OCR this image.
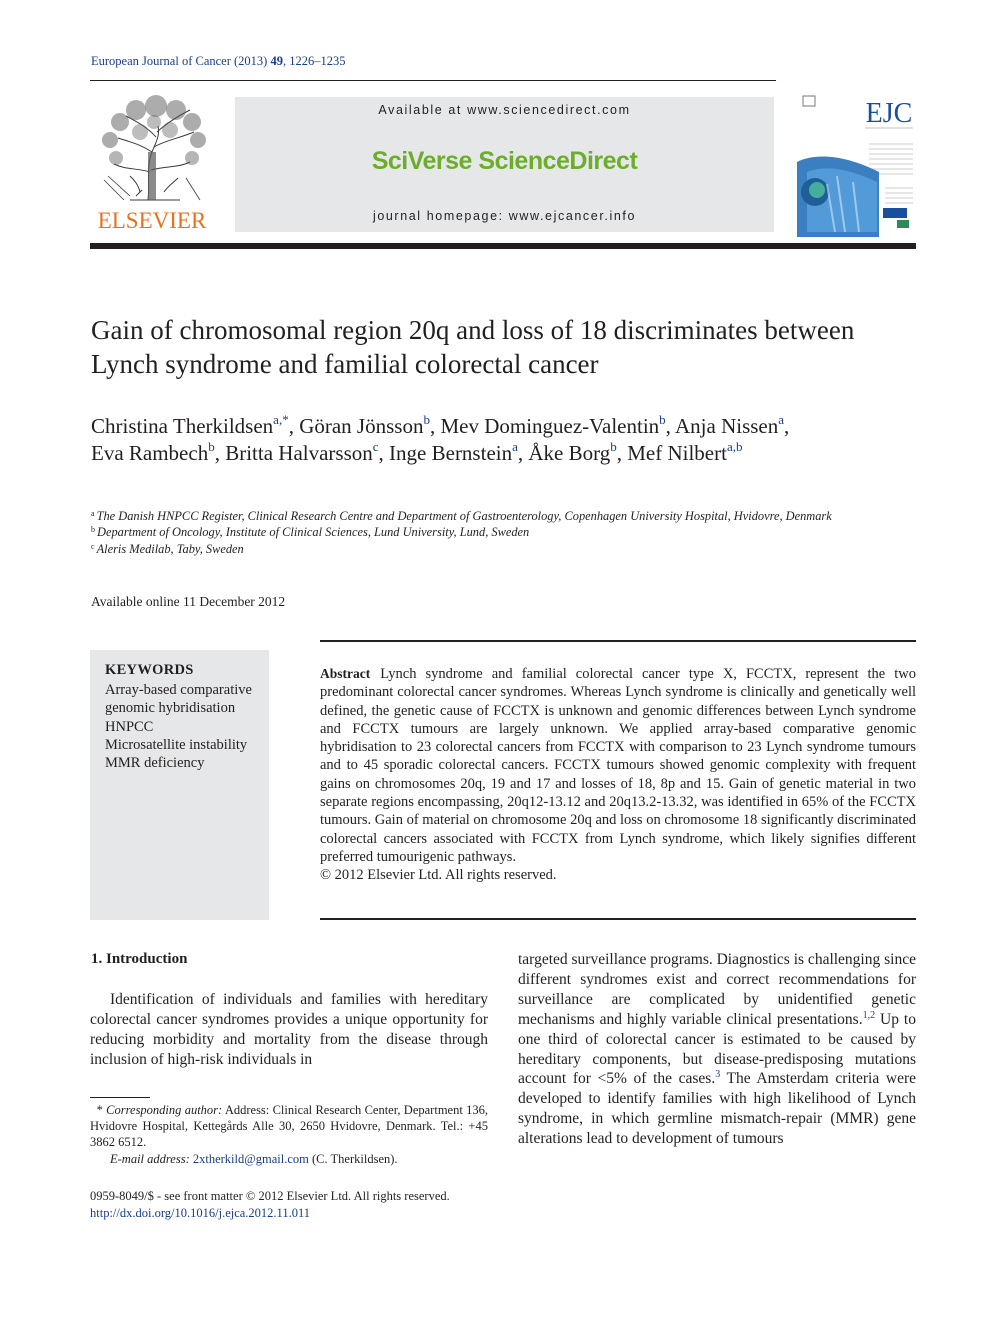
European Journal of Cancer (2013) 49, 1226–1235
ELSEVIER
Available at www.sciencedirect.com
SciVerse ScienceDirect
journal homepage: www.ejcancer.info
EJC
Gain of chromosomal region 20q and loss of 18 discriminates between Lynch syndrome and familial colorectal cancer
Christina Therkildsen$^{a,*}$, Göran Jönsson$^b$, Mev Dominguez-Valentin$^b$, Anja Nissen$^a$,
Eva Rambech$^b$, Britta Halvarsson$^c$, Inge Bernstein$^a$, Åke Borg$^b$, Mef Nilbert$^{a,b}$
$^a$ The Danish HNPCC Register, Clinical Research Centre and Department of Gastroenterology, Copenhagen University Hospital, Hvidovre, Denmark
$^b$ Department of Oncology, Institute of Clinical Sciences, Lund University, Lund, Sweden
$^c$ Aleris Medilab, Taby, Sweden
Available online 11 December 2012
KEYWORDS
Array-based comparative
genomic hybridisation
HNPCC
Microsatellite instability
MMR deficiency
Abstract Lynch syndrome and familial colorectal cancer type X, FCCTX, represent the two predominant colorectal cancer syndromes. Whereas Lynch syndrome is clinically and genetically well defined, the genetic cause of FCCTX is unknown and genomic differences between Lynch syndrome and FCCTX tumours are largely unknown. We applied array-based comparative genomic hybridisation to 23 colorectal cancers from FCCTX with comparison to 23 Lynch syndrome tumours and to 45 sporadic colorectal cancers. FCCTX tumours showed genomic complexity with frequent gains on chromosomes 20q, 19 and 17 and losses of 18, 8p and 15. Gain of genetic material in two separate regions encompassing, 20q12-13.12 and 20q13.2-13.32, was identified in 65% of the FCCTX tumours. Gain of material on chromosome 20q and loss on chromosome 18 significantly discriminated colorectal cancers associated with FCCTX from Lynch syndrome, which likely signifies different preferred tumourigenic pathways.
© 2012 Elsevier Ltd. All rights reserved.
1. Introduction
Identification of individuals and families with hereditary colorectal cancer syndromes provides a unique opportunity for reducing morbidity and mortality from the disease through inclusion of high-risk individuals in
targeted surveillance programs. Diagnostics is challenging since different syndromes exist and correct recommendations for surveillance are complicated by unidentified genetic mechanisms and highly variable clinical presentations.$^{1,2}$ Up to one third of colorectal cancer is estimated to be caused by hereditary components, but disease-predisposing mutations account for <5% of the cases.$^3$ The Amsterdam criteria were developed to identify families with high likelihood of Lynch syndrome, in which germline mismatch-repair (MMR) gene alterations lead to development of tumours
* Corresponding author: Address: Clinical Research Center, Department 136, Hvidovre Hospital, Kettegårds Alle 30, 2650 Hvidovre, Denmark. Tel.: +45 3862 6512.
E-mail address: 2xtherkild@gmail.com (C. Therkildsen).
0959-8049/$ - see front matter © 2012 Elsevier Ltd. All rights reserved.
http://dx.doi.org/10.1016/j.ejca.2012.11.011
